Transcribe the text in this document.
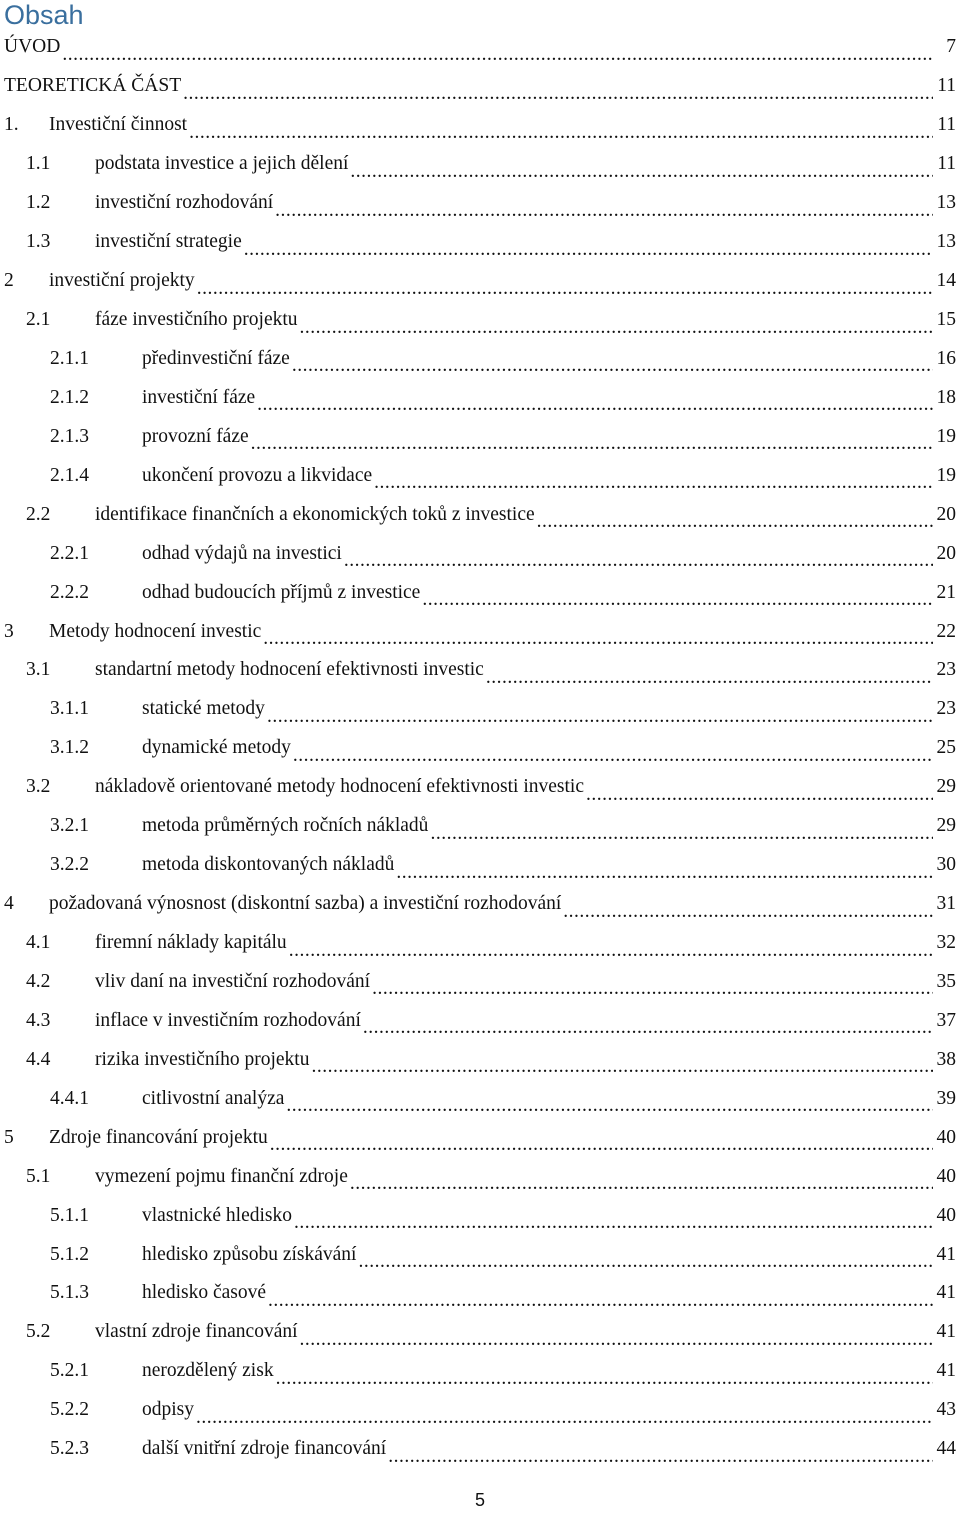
Obsah
ÚVOD .....	7
TEORETICKÁ ČÁST .....	11
1.	Investiční činnost .....	11
1.1	podstata investice a jejich dělení .....	11
1.2	investiční rozhodování .....	13
1.3	investiční strategie .....	13
2	investiční projekty .....	14
2.1	fáze investičního projektu .....	15
2.1.1	předinvestiční fáze .....	16
2.1.2	investiční fáze .....	18
2.1.3	provozní fáze .....	19
2.1.4	ukončení provozu a likvidace .....	19
2.2	identifikace finančních a ekonomických toků z investice .....	20
2.2.1	odhad výdajů na investici .....	20
2.2.2	odhad budoucích příjmů z investice .....	21
3	Metody hodnocení investic .....	22
3.1	standartní metody hodnocení efektivnosti investic .....	23
3.1.1	statické metody .....	23
3.1.2	dynamické metody .....	25
3.2	nákladově orientované metody hodnocení efektivnosti investic .....	29
3.2.1	metoda průměrných ročních nákladů .....	29
3.2.2	metoda diskontovaných nákladů .....	30
4	požadovaná výnosnost (diskontní sazba) a investiční rozhodování .....	31
4.1	firemní náklady kapitálu .....	32
4.2	vliv daní na investiční rozhodování .....	35
4.3	inflace v investičním rozhodování .....	37
4.4	rizika investičního projektu .....	38
4.4.1	citlivostní analýza .....	39
5	Zdroje financování projektu .....	40
5.1	vymezení pojmu finanční zdroje .....	40
5.1.1	vlastnické hledisko .....	40
5.1.2	hledisko způsobu získávání .....	41
5.1.3	hledisko časové .....	41
5.2	vlastní zdroje financování .....	41
5.2.1	nerozdělený zisk .....	41
5.2.2	odpisy .....	43
5.2.3	další vnitřní zdroje financování .....	44
5
